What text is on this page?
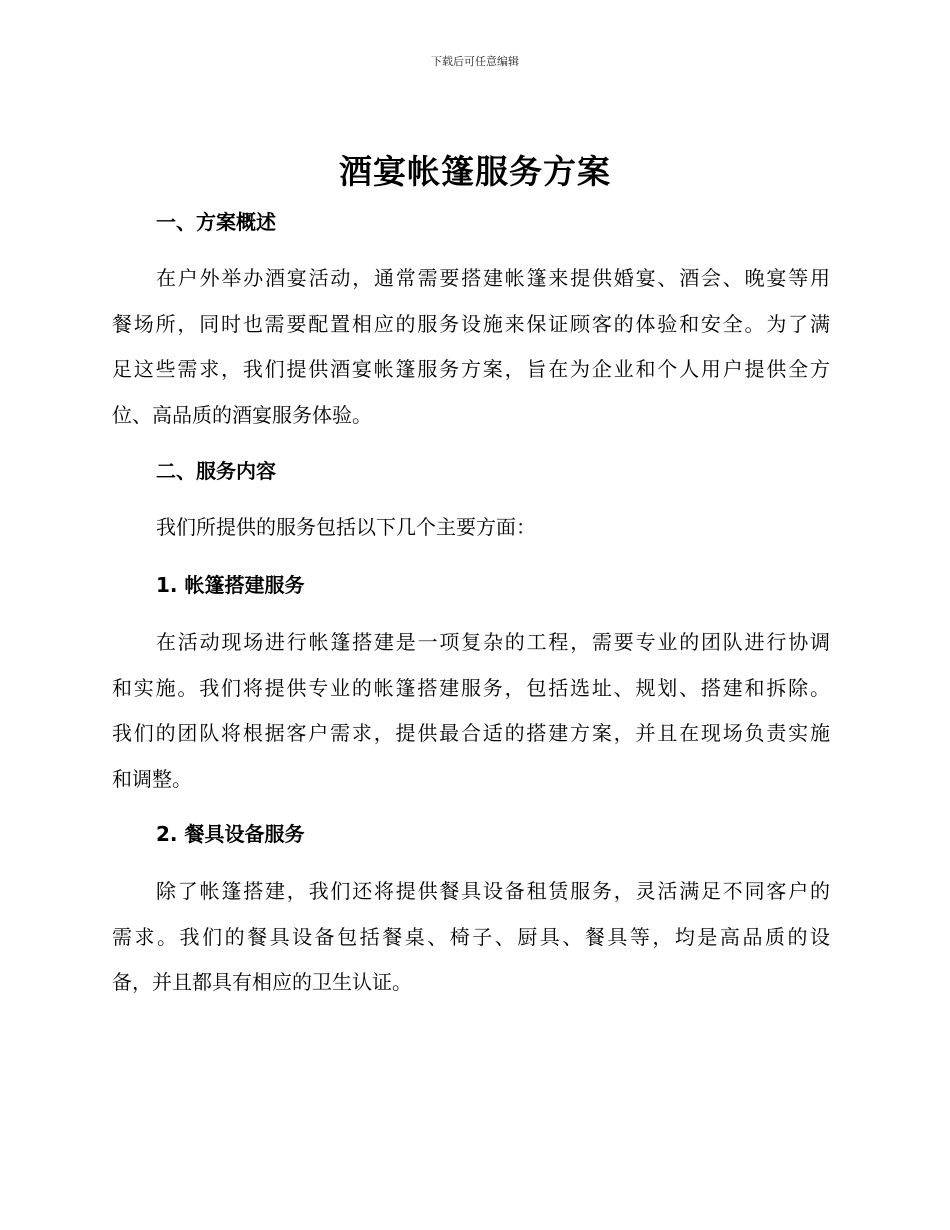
下载后可任意编辑
酒宴帐篷服务方案
一、方案概述

在户外举办酒宴活动，通常需要搭建帐篷来提供婚宴、酒会、晚宴等用
餐场所，同时也需要配置相应的服务设施来保证顾客的体验和安全。为了满
足这些需求，我们提供酒宴帐篷服务方案，旨在为企业和个人用户提供全方
位、高品质的酒宴服务体验。

二、服务内容

我们所提供的服务包括以下几个主要方面：

1. 帐篷搭建服务

在活动现场进行帐篷搭建是一项复杂的工程，需要专业的团队进行协调
和实施。我们将提供专业的帐篷搭建服务，包括选址、规划、搭建和拆除。
我们的团队将根据客户需求，提供最合适的搭建方案，并且在现场负责实施
和调整。

2. 餐具设备服务

除了帐篷搭建，我们还将提供餐具设备租赁服务，灵活满足不同客户的
需求。我们的餐具设备包括餐桌、椅子、厨具、餐具等，均是高品质的设
备，并且都具有相应的卫生认证。
